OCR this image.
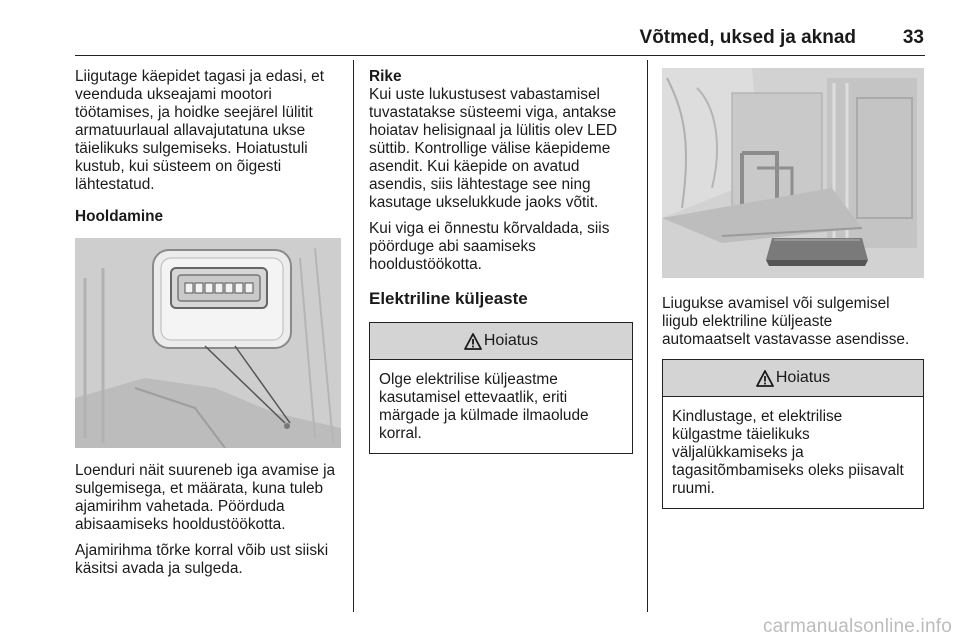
Võtmed, uksed ja aknad	33

Liigutage käepidet tagasi ja edasi, et veenduda ukseajami mootori töötamises, ja hoidke seejärel lülitit armatuurlaual allavajutatuna ukse täielikuks sulgemiseks. Hoiatustuli kustub, kui süsteem on õigesti lähtestatud.

Hooldamine

Loenduri näit suureneb iga avamise ja sulgemisega, et määrata, kuna tuleb ajamirihm vahetada. Pöörduda abisaamiseks hooldustöökotta.

Ajamirihma tõrke korral võib ust siiski käsitsi avada ja sulgeda.

Rike

Kui uste lukustusest vabastamisel tuvastatakse süsteemi viga, antakse hoiatav helisignaal ja lülitis olev LED süttib. Kontrollige välise käepideme asendit. Kui käepide on avatud asendis, siis lähtestage see ning kasutage ukselukkude jaoks võtit.

Kui viga ei õnnestu kõrvaldada, siis pöörduge abi saamiseks hooldustöökotta.

Elektriline küljeaste
Hoiatus
Olge elektrilise küljeastme kasutamisel ettevaatlik, eriti märgade ja külmade ilmaolude korral.

Liugukse avamisel või sulgemisel liigub elektriline küljeaste automaatselt vastavasse asendisse.

Hoiatus
Kindlustage, et elektrilise külgastme täielikuks väljalükkamiseks ja tagasitõmbamiseks oleks piisavalt ruumi.
carmanualsonline.info
